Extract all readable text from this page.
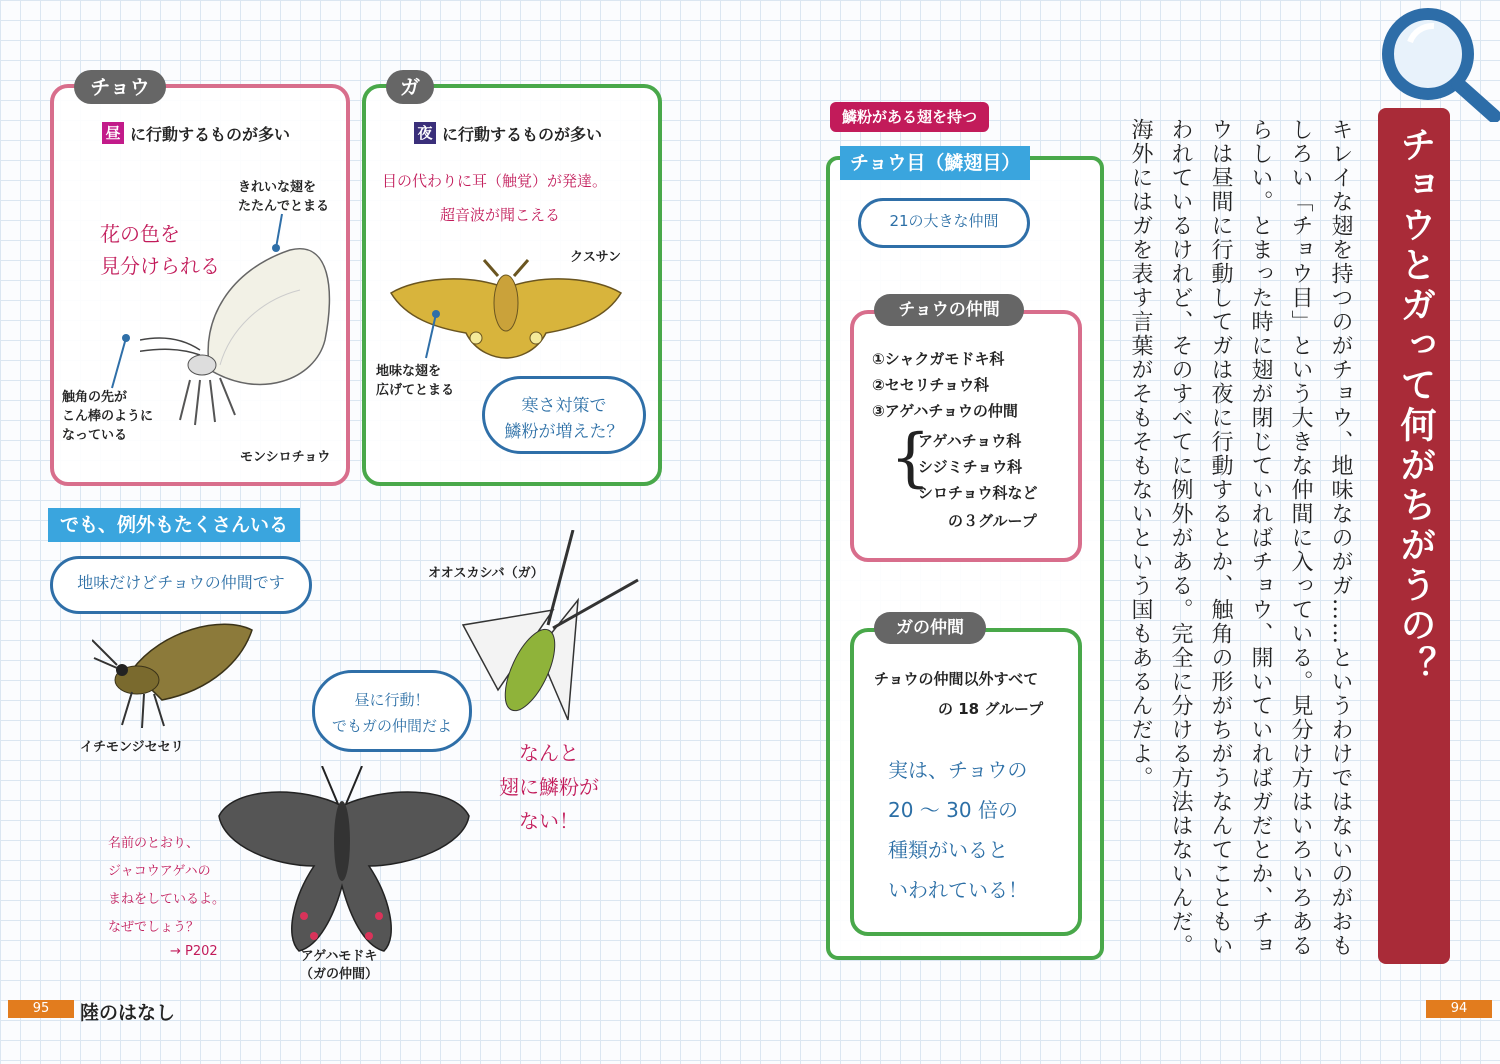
チョウ
昼 に行動するものが多い
きれいな翅を
たたんでとまる
花の色を
見分けられる
触角の先が
こん棒のように
なっている
モンシロチョウ
ガ
夜 に行動するものが多い
目の代わりに耳（触覚）が発達。
超音波が聞こえる
クスサン
地味な翅を
広げてとまる
寒さ対策で
鱗粉が増えた？
でも、例外もたくさんいる
地味だけどチョウの仲間です
イチモンジセセリ
オオスカシバ（ガ）
昼に行動！
でもガの仲間だよ
なんと
翅に鱗粉が
ない！
名前のとおり、
ジャコウアゲハの
まねをしているよ。
なぜでしょう？
→ P202	アゲハモドキ
（ガの仲間）
95	陸のはなし
鱗粉がある翅を持つ
チョウ目（鱗翅目）
21の大きな仲間
チョウの仲間
①シャクガモドキ科
②セセリチョウ科
③アゲハチョウの仲間
{
アゲハチョウ科
シジミチョウ科
シロチョウ科など
の３グループ
ガの仲間
チョウの仲間以外すべて
の 18 グループ
実は、チョウの
20 〜 30 倍の
種類がいると
いわれている！	キレイな翅を持つのがチョウ、地味なのがガ……というわけではないのがおもしろい「チョウ目」という大きな仲間に入っている。見分け方はいろいろあるらしい。とまった時に翅が閉じていればチョウ、開いていればガだとか、チョウは昼間に行動してガは夜に行動するとか、触角の形がちがうなんてこともいわれているけれど、そのすべてに例外がある。完全に分ける方法はないんだ。海外にはガを表す言葉がそもそもないという国もあるんだよ。	チョウとガって何がちがうの？
94
